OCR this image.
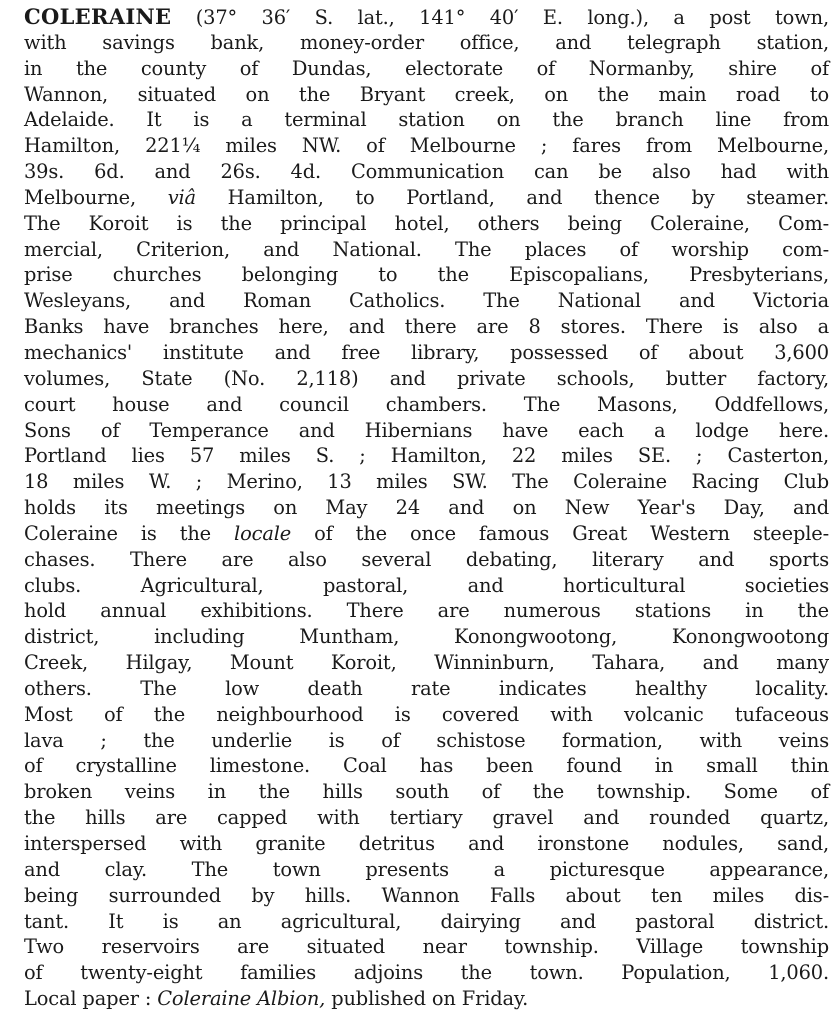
COLERAINE (37° 36′ S. lat., 141° 40′ E. long.), a post town,
with savings bank, money-order office, and telegraph station,
in the county of Dundas, electorate of Normanby, shire of
Wannon, situated on the Bryant creek, on the main road to
Adelaide. It is a terminal station on the branch line from
Hamilton, 221¼ miles NW. of Melbourne ; fares from Melbourne,
39s. 6d. and 26s. 4d. Communication can be also had with
Melbourne, viâ Hamilton, to Portland, and thence by steamer.
The Koroit is the principal hotel, others being Coleraine, Com-
mercial, Criterion, and National. The places of worship com-
prise churches belonging to the Episcopalians, Presbyterians,
Wesleyans, and Roman Catholics. The National and Victoria
Banks have branches here, and there are 8 stores. There is also a
mechanics' institute and free library, possessed of about 3,600
volumes, State (No. 2,118) and private schools, butter factory,
court house and council chambers. The Masons, Oddfellows,
Sons of Temperance and Hibernians have each a lodge here.
Portland lies 57 miles S. ; Hamilton, 22 miles SE. ; Casterton,
18 miles W. ; Merino, 13 miles SW. The Coleraine Racing Club
holds its meetings on May 24 and on New Year's Day, and
Coleraine is the locale of the once famous Great Western steeple-
chases. There are also several debating, literary and sports
clubs. Agricultural, pastoral, and horticultural societies
hold annual exhibitions. There are numerous stations in the
district, including Muntham, Konongwootong, Konongwootong
Creek, Hilgay, Mount Koroit, Winninburn, Tahara, and many
others. The low death rate indicates healthy locality.
Most of the neighbourhood is covered with volcanic tufaceous
lava ; the underlie is of schistose formation, with veins
of crystalline limestone. Coal has been found in small thin
broken veins in the hills south of the township. Some of
the hills are capped with tertiary gravel and rounded quartz,
interspersed with granite detritus and ironstone nodules, sand,
and clay. The town presents a picturesque appearance,
being surrounded by hills. Wannon Falls about ten miles dis-
tant. It is an agricultural, dairying and pastoral district.
Two reservoirs are situated near township. Village township
of twenty-eight families adjoins the town. Population, 1,060.
Local paper : Coleraine Albion, published on Friday.
